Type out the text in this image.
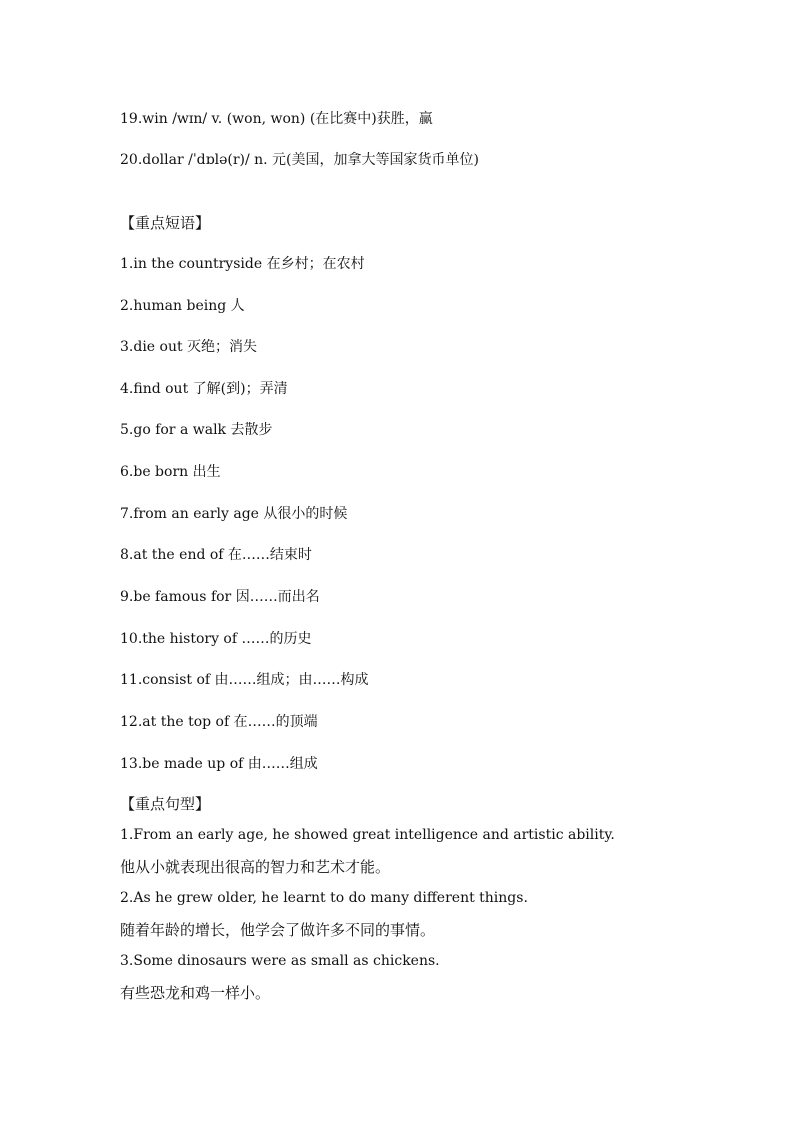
19.win /wɪn/ v. (won, won) (在比赛中)获胜，赢
20.dollar /ˈdɒlə(r)/ n. 元(美国，加拿大等国家货币单位)
【重点短语】
1.in the countryside 在乡村；在农村
2.human being 人
3.die out 灭绝；消失
4.find out 了解(到)；弄清
5.go for a walk 去散步
6.be born 出生
7.from an early age 从很小的时候
8.at the end of 在……结束时
9.be famous for 因……而出名
10.the history of ……的历史
11.consist of 由……组成；由……构成
12.at the top of 在……的顶端
13.be made up of 由……组成
【重点句型】
1.From an early age, he showed great intelligence and artistic ability.
他从小就表现出很高的智力和艺术才能。
2.As he grew older, he learnt to do many different things.
随着年龄的增长，他学会了做许多不同的事情。
3.Some dinosaurs were as small as chickens.
有些恐龙和鸡一样小。
